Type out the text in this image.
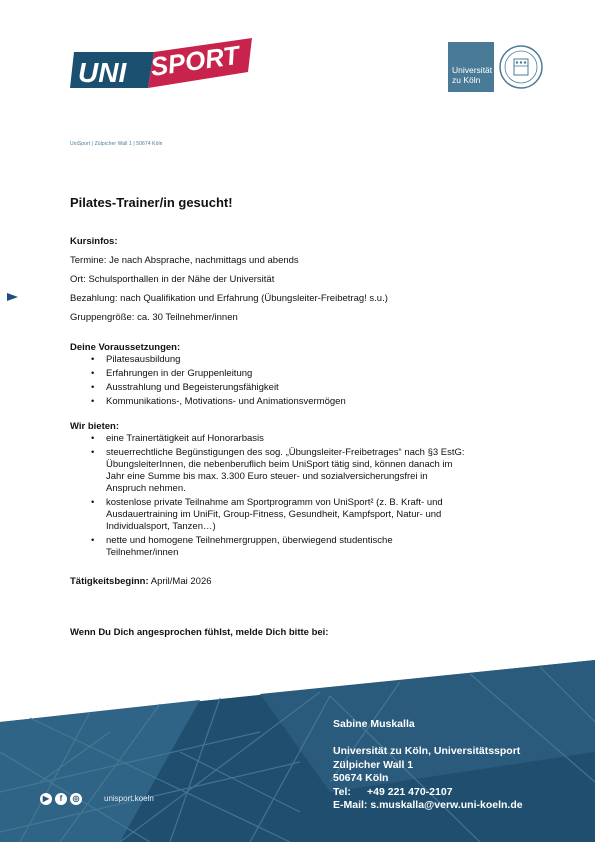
UNI SPORT	Universität
zu Köln
UniSport | Zülpicher Wall 1 | 50674 Köln
Pilates-Trainer/in gesucht!
Kursinfos:
Termine: Je nach Absprache, nachmittags und abends
Ort: Schulsporthallen in der Nähe der Universität
Bezahlung: nach Qualifikation und Erfahrung (Übungsleiter-Freibetrag! s.u.)
Gruppengröße: ca. 30 Teilnehmer/innen
Deine Voraussetzungen:
• Pilatesausbildung
• Erfahrungen in der Gruppenleitung
• Ausstrahlung und Begeisterungsfähigkeit
• Kommunikations-, Motivations- und Animationsvermögen
Wir bieten:
• eine Trainertätigkeit auf Honorarbasis
• steuerrechtliche Begünstigungen des sog. „Übungsleiter-Freibetrages“ nach §3 EstG:
ÜbungsleiterInnen, die nebenberuflich beim UniSport tätig sind, können danach im
Jahr eine Summe bis max. 3.300 Euro steuer- und sozialversicherungsfrei in
Anspruch nehmen.
• kostenlose private Teilnahme am Sportprogramm von UniSport² (z. B. Kraft- und
Ausdauertraining im UniFit, Group-Fitness, Gesundheit, Kampfsport, Natur- und
Individualsport, Tanzen…)
• nette und homogene Teilnehmergruppen, überwiegend studentische
Teilnehmer/innen
Tätigkeitsbeginn: April/Mai 2026
Wenn Du Dich angesprochen fühlst, melde Dich bitte bei:
Sabine Muskalla
Universität zu Köln, Universitätssport
Zülpicher Wall 1
50674 Köln
Tel: +49 221 470-2107
E-Mail: s.muskalla@verw.uni-koeln.de
▶ f ◎	unisport.koeln
